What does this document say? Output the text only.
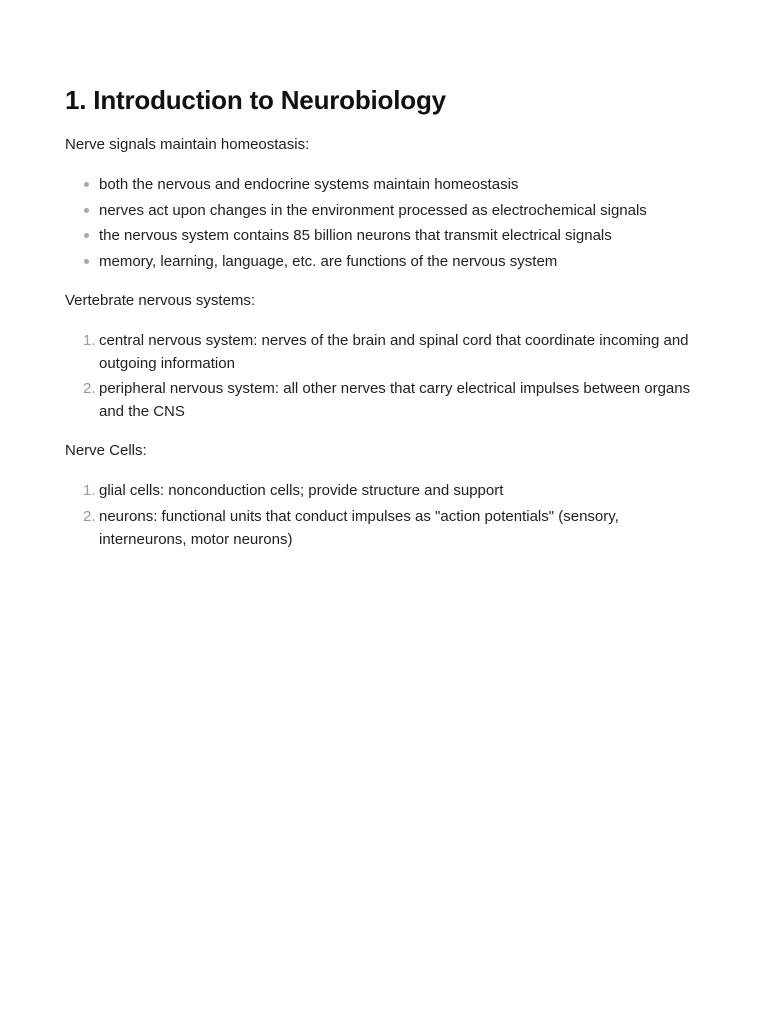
1. Introduction to Neurobiology

Nerve signals maintain homeostasis:

both the nervous and endocrine systems maintain homeostasis
nerves act upon changes in the environment processed as electrochemical signals
the nervous system contains 85 billion neurons that transmit electrical signals
memory, learning, language, etc. are functions of the nervous system

Vertebrate nervous systems:

1. central nervous system: nerves of the brain and spinal cord that coordinate incoming and outgoing information
2. peripheral nervous system: all other nerves that carry electrical impulses between organs and the CNS

Nerve Cells:

1. glial cells: nonconduction cells; provide structure and support
2. neurons: functional units that conduct impulses as "action potentials" (sensory, interneurons, motor neurons)
